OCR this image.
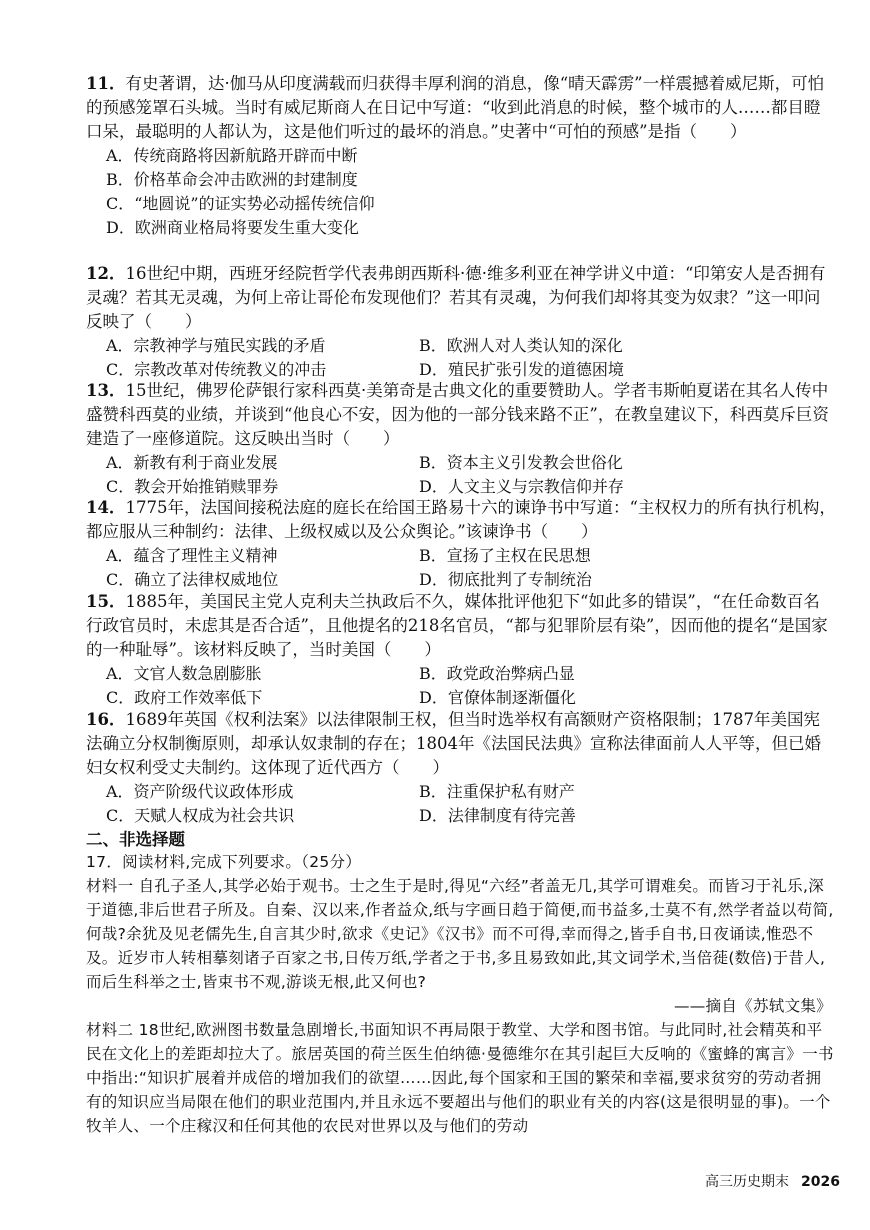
11．有史著谓，达·伽马从印度满载而归获得丰厚利润的消息，像“晴天霹雳”一样震撼着威尼斯，可怕的预感笼罩石头城。当时有威尼斯商人在日记中写道：“收到此消息的时候，整个城市的人……都目瞪口呆，最聪明的人都认为，这是他们听过的最坏的消息。”史著中“可怕的预感”是指（　　）
A．传统商路将因新航路开辟而中断
B．价格革命会冲击欧洲的封建制度
C．“地圆说”的证实势必动摇传统信仰
D．欧洲商业格局将要发生重大变化
12．16世纪中期，西班牙经院哲学代表弗朗西斯科·德·维多利亚在神学讲义中道：“印第安人是否拥有灵魂？若其无灵魂，为何上帝让哥伦布发现他们？若其有灵魂，为何我们却将其变为奴隶？”这一叩问反映了（　　）
A．宗教神学与殖民实践的矛盾	B．欧洲人对人类认知的深化
C．宗教改革对传统教义的冲击	D．殖民扩张引发的道德困境
13．15世纪，佛罗伦萨银行家科西莫·美第奇是古典文化的重要赞助人。学者韦斯帕夏诺在其名人传中盛赞科西莫的业绩，并谈到“他良心不安，因为他的一部分钱来路不正”，在教皇建议下，科西莫斥巨资建造了一座修道院。这反映出当时（　　）
A．新教有利于商业发展	B．资本主义引发教会世俗化
C．教会开始推销赎罪券	D．人文主义与宗教信仰并存
14．1775年，法国间接税法庭的庭长在给国王路易十六的谏诤书中写道：“主权权力的所有执行机构，都应服从三种制约：法律、上级权威以及公众舆论。”该谏诤书（　　）
A．蕴含了理性主义精神	B．宣扬了主权在民思想
C．确立了法律权威地位	D．彻底批判了专制统治
15．1885年，美国民主党人克利夫兰执政后不久，媒体批评他犯下“如此多的错误”，“在任命数百名行政官员时，未虑其是否合适”，且他提名的218名官员，“都与犯罪阶层有染”，因而他的提名“是国家的一种耻辱”。该材料反映了，当时美国（　　）
A．文官人数急剧膨胀	B．政党政治弊病凸显
C．政府工作效率低下	D．官僚体制逐渐僵化
16．1689年英国《权利法案》以法律限制王权，但当时选举权有高额财产资格限制；1787年美国宪法确立分权制衡原则，却承认奴隶制的存在；1804年《法国民法典》宣称法律面前人人平等，但已婚妇女权利受丈夫制约。这体现了近代西方（　　）
A．资产阶级代议政体形成	B．注重保护私有财产
C．天赋人权成为社会共识	D．法律制度有待完善
二、非选择题
17．阅读材料,完成下列要求。（25分）
材料一 自孔子圣人,其学必始于观书。士之生于是时,得见“六经”者盖无几,其学可谓难矣。而皆习于礼乐,深于道德,非后世君子所及。自秦、汉以来,作者益众,纸与字画日趋于简便,而书益多,士莫不有,然学者益以苟简,何哉?余犹及见老儒先生,自言其少时,欲求《史记》《汉书》而不可得,幸而得之,皆手自书,日夜诵读,惟恐不及。近岁市人转相摹刻诸子百家之书,日传万纸,学者之于书,多且易致如此,其文词学术,当倍蓰(数倍)于昔人,而后生科举之士,皆束书不观,游谈无根,此又何也?
——摘自《苏轼文集》
材料二 18世纪,欧洲图书数量急剧增长,书面知识不再局限于教堂、大学和图书馆。与此同时,社会精英和平民在文化上的差距却拉大了。旅居英国的荷兰医生伯纳德·曼德维尔在其引起巨大反响的《蜜蜂的寓言》一书中指出:“知识扩展着并成倍的增加我们的欲望……因此,每个国家和王国的繁荣和幸福,要求贫穷的劳动者拥有的知识应当局限在他们的职业范围内,并且永远不要超出与他们的职业有关的内容(这是很明显的事)。一个牧羊人、一个庄稼汉和任何其他的农民对世界以及与他们的劳动
高三历史期末 2026
